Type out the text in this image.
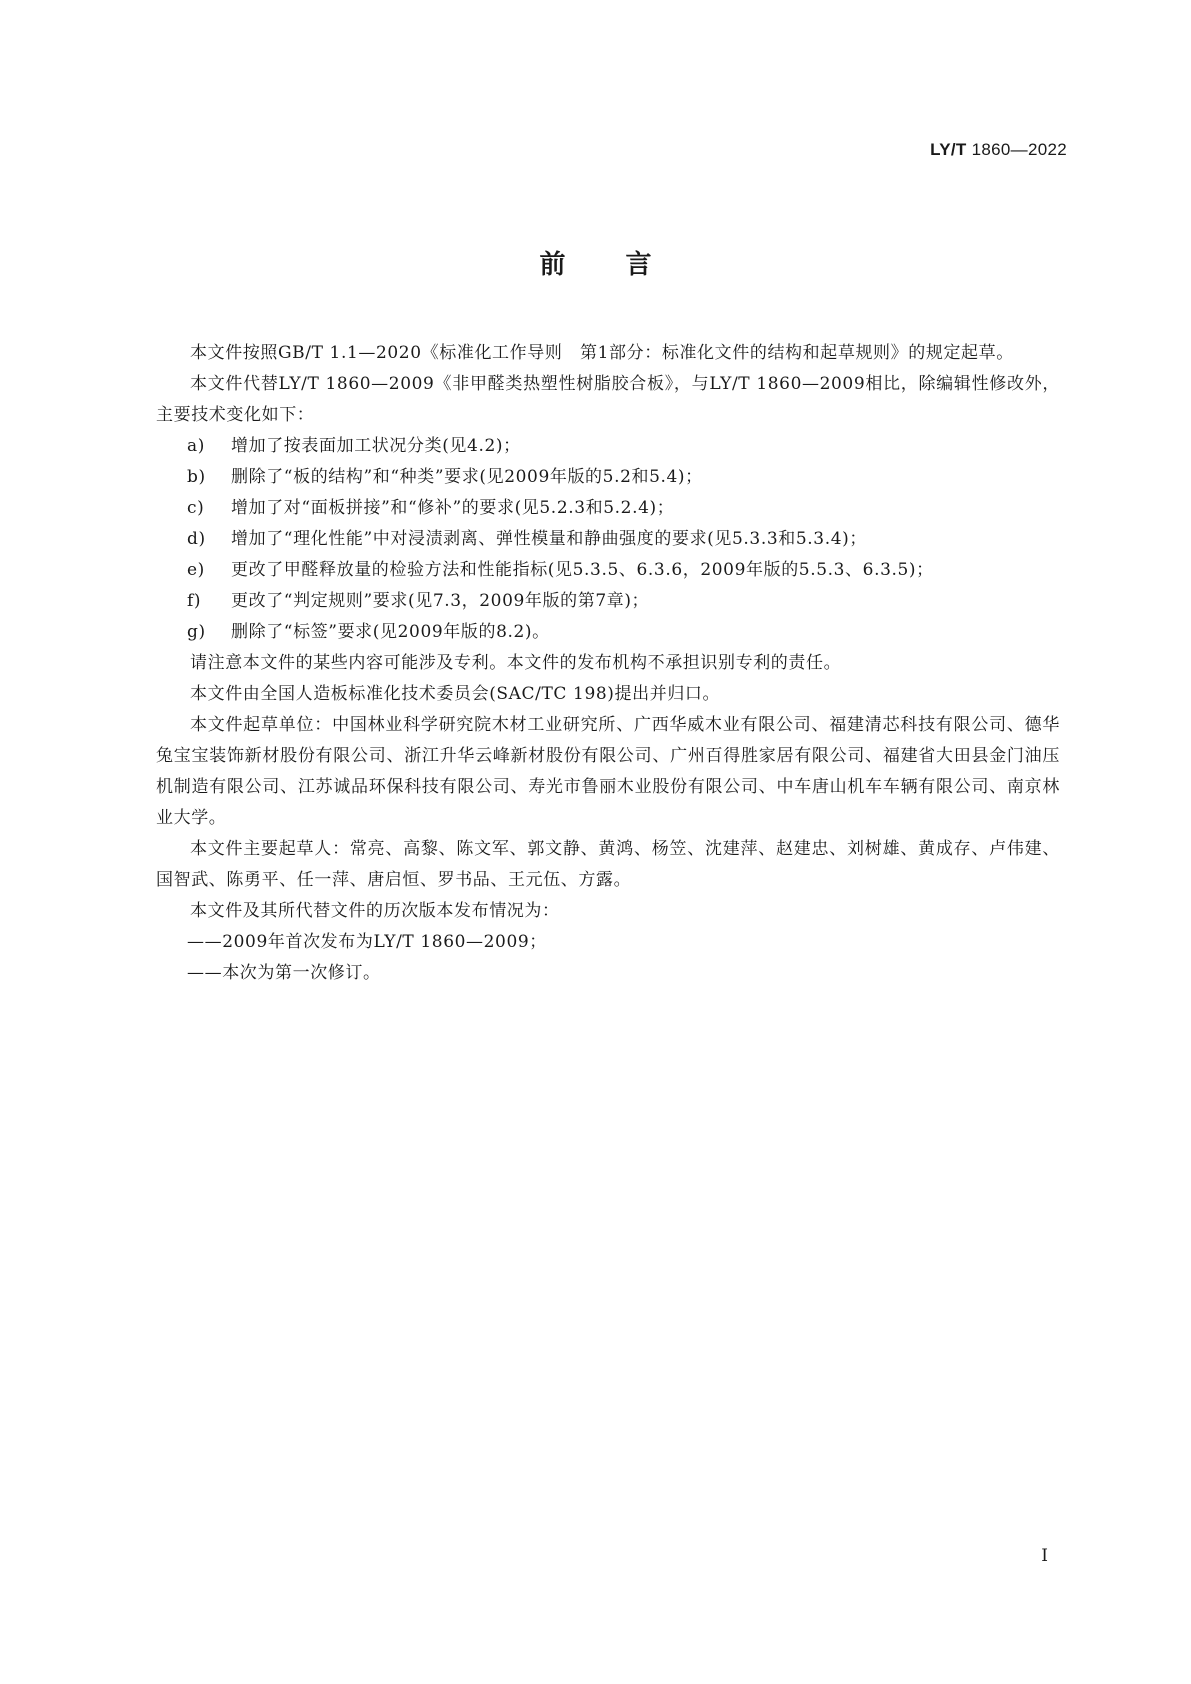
LY/T 1860—2022
前言

本文件按照GB/T 1.1—2020《标准化工作导则　第1部分：标准化文件的结构和起草规则》的规定起草。

本文件代替LY/T 1860—2009《非甲醛类热塑性树脂胶合板》，与LY/T 1860—2009相比，除编辑性修改外，主要技术变化如下：

a)	增加了按表面加工状况分类(见4.2)；
b)	删除了“板的结构”和“种类”要求(见2009年版的5.2和5.4)；
c)	增加了对“面板拼接”和“修补”的要求(见5.2.3和5.2.4)；
d)	增加了“理化性能”中对浸渍剥离、弹性模量和静曲强度的要求(见5.3.3和5.3.4)；
e)	更改了甲醛释放量的检验方法和性能指标(见5.3.5、6.3.6，2009年版的5.5.3、6.3.5)；
f)	更改了“判定规则”要求(见7.3，2009年版的第7章)；
g)	删除了“标签”要求(见2009年版的8.2)。

请注意本文件的某些内容可能涉及专利。本文件的发布机构不承担识别专利的责任。

本文件由全国人造板标准化技术委员会(SAC/TC 198)提出并归口。

本文件起草单位：中国林业科学研究院木材工业研究所、广西华威木业有限公司、福建清芯科技有限公司、德华兔宝宝装饰新材股份有限公司、浙江升华云峰新材股份有限公司、广州百得胜家居有限公司、福建省大田县金门油压机制造有限公司、江苏诚品环保科技有限公司、寿光市鲁丽木业股份有限公司、中车唐山机车车辆有限公司、南京林业大学。

本文件主要起草人：常亮、高黎、陈文军、郭文静、黄鸿、杨笠、沈建萍、赵建忠、刘树雄、黄成存、卢伟建、国智武、陈勇平、任一萍、唐启恒、罗书品、王元伍、方露。

本文件及其所代替文件的历次版本发布情况为：

——2009年首次发布为LY/T 1860—2009；
——本次为第一次修订。
I
